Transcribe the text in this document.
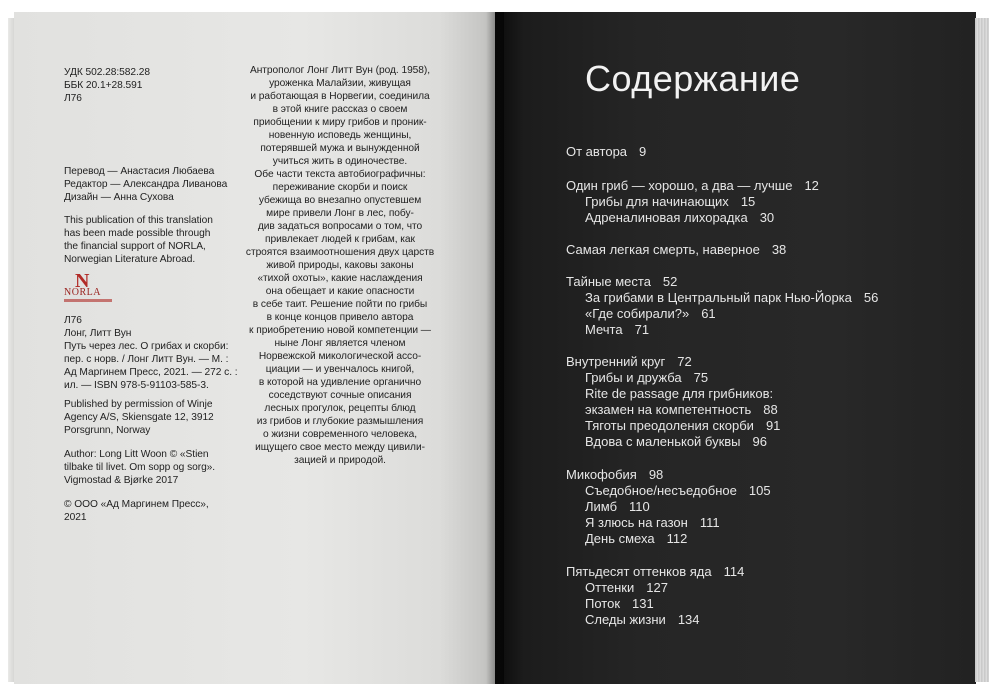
УДК 502.28:582.28
ББК 20.1+28.591
Л76
Перевод — Анастасия Любаева
Редактор — Александра Ливанова
Дизайн — Анна Сухова
This publication of this translation
has been made possible through
the financial support of NORLA,
Norwegian Literature Abroad.
N
NORLA
Л76
Лонг, Литт Вун
Путь через лес. О грибах и скорби:
пер. с норв. / Лонг Литт Вун. — М. :
Ад Маргинем Пресс, 2021. — 272 с. :
ил. — ISBN 978-5-91103-585-3.
Published by permission of Winje
Agency A/S, Skiensgate 12, 3912
Porsgrunn, Norway
Author: Long Litt Woon © «Stien
tilbake til livet. Om sopp og sorg».
Vigmostad & Bjørke 2017
© ООО «Ад Маргинем Пресс»,
2021
Антрополог Лонг Литт Вун (род. 1958),
уроженка Малайзии, живущая
и работающая в Норвегии, соединила
в этой книге рассказ о своем
приобщении к миру грибов и проник-
новенную исповедь женщины,
потерявшей мужа и вынужденной
учиться жить в одиночестве.
Обе части текста автобиографичны:
переживание скорби и поиск
убежища во внезапно опустевшем
мире привели Лонг в лес, побу-
див задаться вопросами о том, что
привлекает людей к грибам, как
строятся взаимоотношения двух царств
живой природы, каковы законы
«тихой охоты», какие наслаждения
она обещает и какие опасности
в себе таит. Решение пойти по грибы
в конце концов привело автора
к приобретению новой компетенции —
ныне Лонг является членом
Норвежской микологической ассо-
циации — и увенчалось книгой,
в которой на удивление органично
соседствуют сочные описания
лесных прогулок, рецепты блюд
из грибов и глубокие размышления
о жизни современного человека,
ищущего свое место между цивили-
зацией и природой.
Содержание
От автора 9
Один гриб — хорошо, а два — лучше 12
Грибы для начинающих 15
Адреналиновая лихорадка 30
Самая легкая смерть, наверное 38
Тайные места 52
За грибами в Центральный парк Нью-Йорка 56
«Где собирали?» 61
Мечта 71
Внутренний круг 72
Грибы и дружба 75
Rite de passage для грибников:
экзамен на компетентность 88
Тяготы преодоления скорби 91
Вдова с маленькой буквы 96
Микофобия 98
Съедобное/несъедобное 105
Лимб 110
Я злюсь на газон 111
День смеха 112
Пятьдесят оттенков яда 114
Оттенки 127
Поток 131
Следы жизни 134
